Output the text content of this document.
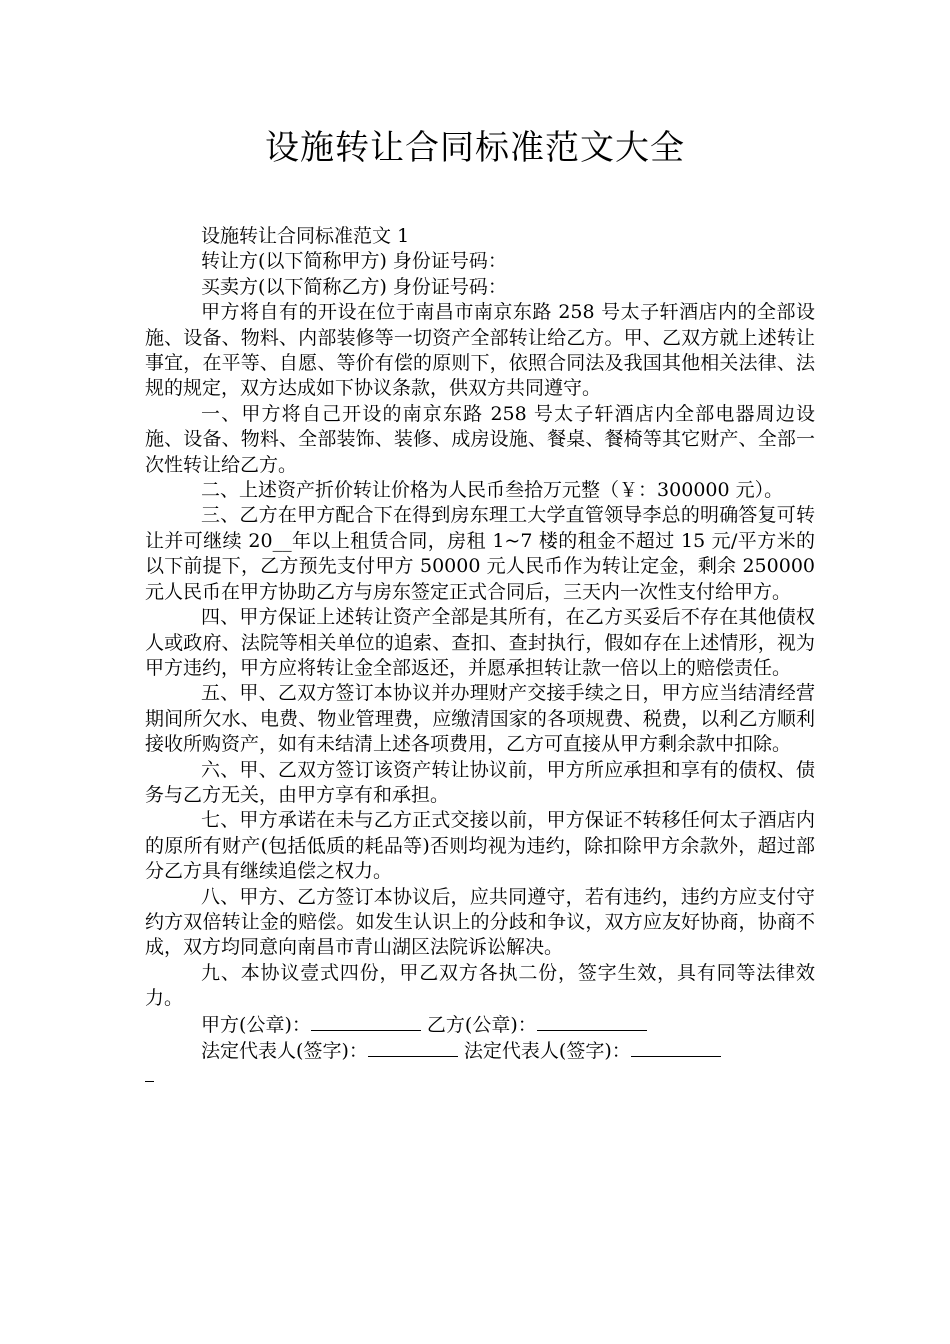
设施转让合同标准范文大全

设施转让合同标准范文 1

转让方(以下简称甲方) 身份证号码：

买卖方(以下简称乙方) 身份证号码：

甲方将自有的开设在位于南昌市南京东路 258 号太子轩酒店内的全部设施、设备、物料、内部装修等一切资产全部转让给乙方。甲、乙双方就上述转让事宜，在平等、自愿、等价有偿的原则下，依照合同法及我国其他相关法律、法规的规定，双方达成如下协议条款，供双方共同遵守。

一、甲方将自己开设的南京东路 258 号太子轩酒店内全部电器周边设施、设备、物料、全部装饰、装修、成房设施、餐桌、餐椅等其它财产、全部一次性转让给乙方。

二、上述资产折价转让价格为人民币叁拾万元整（￥：300000 元）。

三、乙方在甲方配合下在得到房东理工大学直管领导李总的明确答复可转让并可继续 20__年以上租赁合同，房租 1~7 楼的租金不超过 15 元/平方米的以下前提下，乙方预先支付甲方 50000 元人民币作为转让定金，剩余 250000 元人民币在甲方协助乙方与房东签定正式合同后，三天内一次性支付给甲方。

四、甲方保证上述转让资产全部是其所有，在乙方买妥后不存在其他债权人或政府、法院等相关单位的追索、查扣、查封执行，假如存在上述情形，视为甲方违约，甲方应将转让金全部返还，并愿承担转让款一倍以上的赔偿责任。

五、甲、乙双方签订本协议并办理财产交接手续之日，甲方应当结清经营期间所欠水、电费、物业管理费，应缴清国家的各项规费、税费，以利乙方顺利接收所购资产，如有未结清上述各项费用，乙方可直接从甲方剩余款中扣除。

六、甲、乙双方签订该资产转让协议前，甲方所应承担和享有的债权、债务与乙方无关，由甲方享有和承担。

七、甲方承诺在未与乙方正式交接以前，甲方保证不转移任何太子酒店内的原所有财产(包括低质的耗品等)否则均视为违约，除扣除甲方余款外，超过部分乙方具有继续追偿之权力。

八、甲方、乙方签订本协议后，应共同遵守，若有违约，违约方应支付守约方双倍转让金的赔偿。如发生认识上的分歧和争议，双方应友好协商，协商不成，双方均同意向南昌市青山湖区法院诉讼解决。

九、本协议壹式四份，甲乙双方各执二份，签字生效，具有同等法律效力。

甲方(公章)：	乙方(公章)：

法定代表人(签字)：	法定代表人(签字)：
